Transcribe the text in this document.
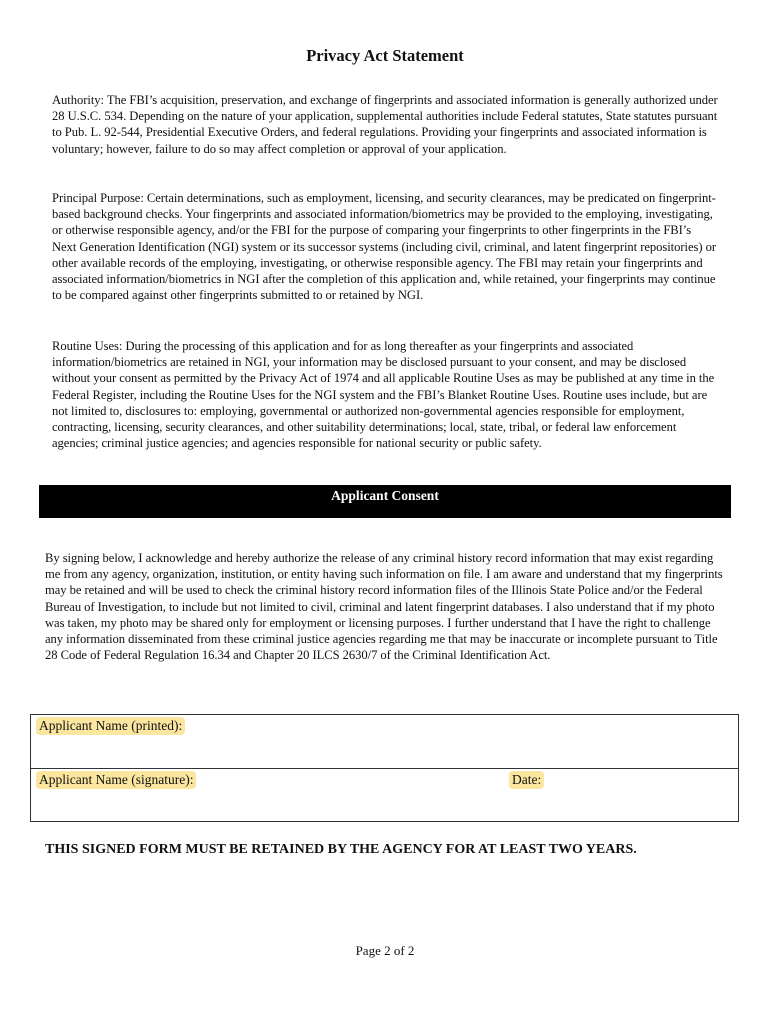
Privacy Act Statement

Authority: The FBI’s acquisition, preservation, and exchange of fingerprints and associated information is generally authorized under 28 U.S.C. 534. Depending on the nature of your application, supplemental authorities include Federal statutes, State statutes pursuant to Pub. L. 92-544, Presidential Executive Orders, and federal regulations. Providing your fingerprints and associated information is voluntary; however, failure to do so may affect completion or approval of your application.

Principal Purpose: Certain determinations, such as employment, licensing, and security clearances, may be predicated on fingerprint-based background checks. Your fingerprints and associated information/biometrics may be provided to the employing, investigating, or otherwise responsible agency, and/or the FBI for the purpose of comparing your fingerprints to other fingerprints in the FBI’s Next Generation Identification (NGI) system or its successor systems (including civil, criminal, and latent fingerprint repositories) or other available records of the employing, investigating, or otherwise responsible agency. The FBI may retain your fingerprints and associated information/biometrics in NGI after the completion of this application and, while retained, your fingerprints may continue to be compared against other fingerprints submitted to or retained by NGI.

Routine Uses: During the processing of this application and for as long thereafter as your fingerprints and associated information/biometrics are retained in NGI, your information may be disclosed pursuant to your consent, and may be disclosed without your consent as permitted by the Privacy Act of 1974 and all applicable Routine Uses as may be published at any time in the Federal Register, including the Routine Uses for the NGI system and the FBI’s Blanket Routine Uses. Routine uses include, but are not limited to, disclosures to: employing, governmental or authorized non-governmental agencies responsible for employment, contracting, licensing, security clearances, and other suitability determinations; local, state, tribal, or federal law enforcement agencies; criminal justice agencies; and agencies responsible for national security or public safety.

Applicant Consent

By signing below, I acknowledge and hereby authorize the release of any criminal history record information that may exist regarding me from any agency, organization, institution, or entity having such information on file. I am aware and understand that my fingerprints may be retained and will be used to check the criminal history record information files of the Illinois State Police and/or the Federal Bureau of Investigation, to include but not limited to civil, criminal and latent fingerprint databases. I also understand that if my photo was taken, my photo may be shared only for employment or licensing purposes. I further understand that I have the right to challenge any information disseminated from these criminal justice agencies regarding me that may be inaccurate or incomplete pursuant to Title 28 Code of Federal Regulation 16.34 and Chapter 20 ILCS 2630/7 of the Criminal Identification Act.

Applicant Name (printed):
Applicant Name (signature):	Date:
THIS SIGNED FORM MUST BE RETAINED BY THE AGENCY FOR AT LEAST TWO YEARS.
Page 2 of 2
